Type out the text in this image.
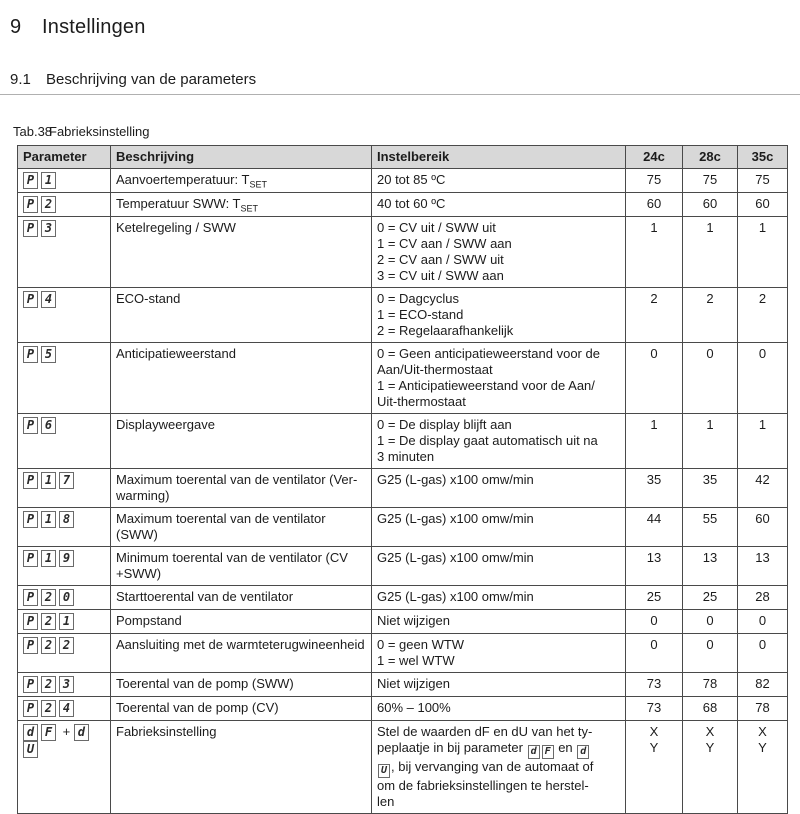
9 Instellingen
9.1 Beschrijving van de parameters
Tab.38Fabrieksinstelling
Parameter	Beschrijving	Instelbereik	24c	28c	35c
P 1	Aanvoertemperatuur: $T_{SET}$	20 tot 85 ºC	75	75	75
P 2	Temperatuur SWW: $T_{SET}$	40 tot 60 ºC	60	60	60
P 3	Ketelregeling / SWW	0 = CV uit / SWW uit
1 = CV aan / SWW aan
2 = CV aan / SWW uit
3 = CV uit / SWW aan	1	1	1
P 4	ECO-stand	0 = Dagcyclus
1 = ECO-stand
2 = Regelaarafhankelijk	2	2	2
P 5	Anticipatieweerstand	0 = Geen anticipatieweerstand voor de
Aan/Uit-thermostaat
1 = Anticipatieweerstand voor de Aan/
Uit-thermostaat	0	0	0
P 6	Displayweergave	0 = De display blijft aan
1 = De display gaat automatisch uit na
3 minuten	1	1	1
P 1 7	Maximum toerental van de ventilator (Ver-
warming)	G25 (L-gas) x100 omw/min	35	35	42
P 1 8	Maximum toerental van de ventilator
(SWW)	G25 (L-gas) x100 omw/min	44	55	60
P 1 9	Minimum toerental van de ventilator (CV
+SWW)	G25 (L-gas) x100 omw/min	13	13	13
P 2 0	Starttoerental van de ventilator	G25 (L-gas) x100 omw/min	25	25	28
P 2 1	Pompstand	Niet wijzigen	0	0	0
P 2 2	Aansluiting met de warmteterugwineenheid	0 = geen WTW
1 = wel WTW	0	0	0
P 2 3	Toerental van de pomp (SWW)	Niet wijzigen	73	78	82
P 2 4	Toerental van de pomp (CV)	60% – 100%	73	68	78
d F + dU	Fabrieksinstelling	Stel de waarden dF en dU van het ty-
peplaatje in bij parameter d F en d
U , bij vervanging van de automaat of
om de fabrieksinstellingen te herstel-
len	X
Y	X
Y	X
Y
